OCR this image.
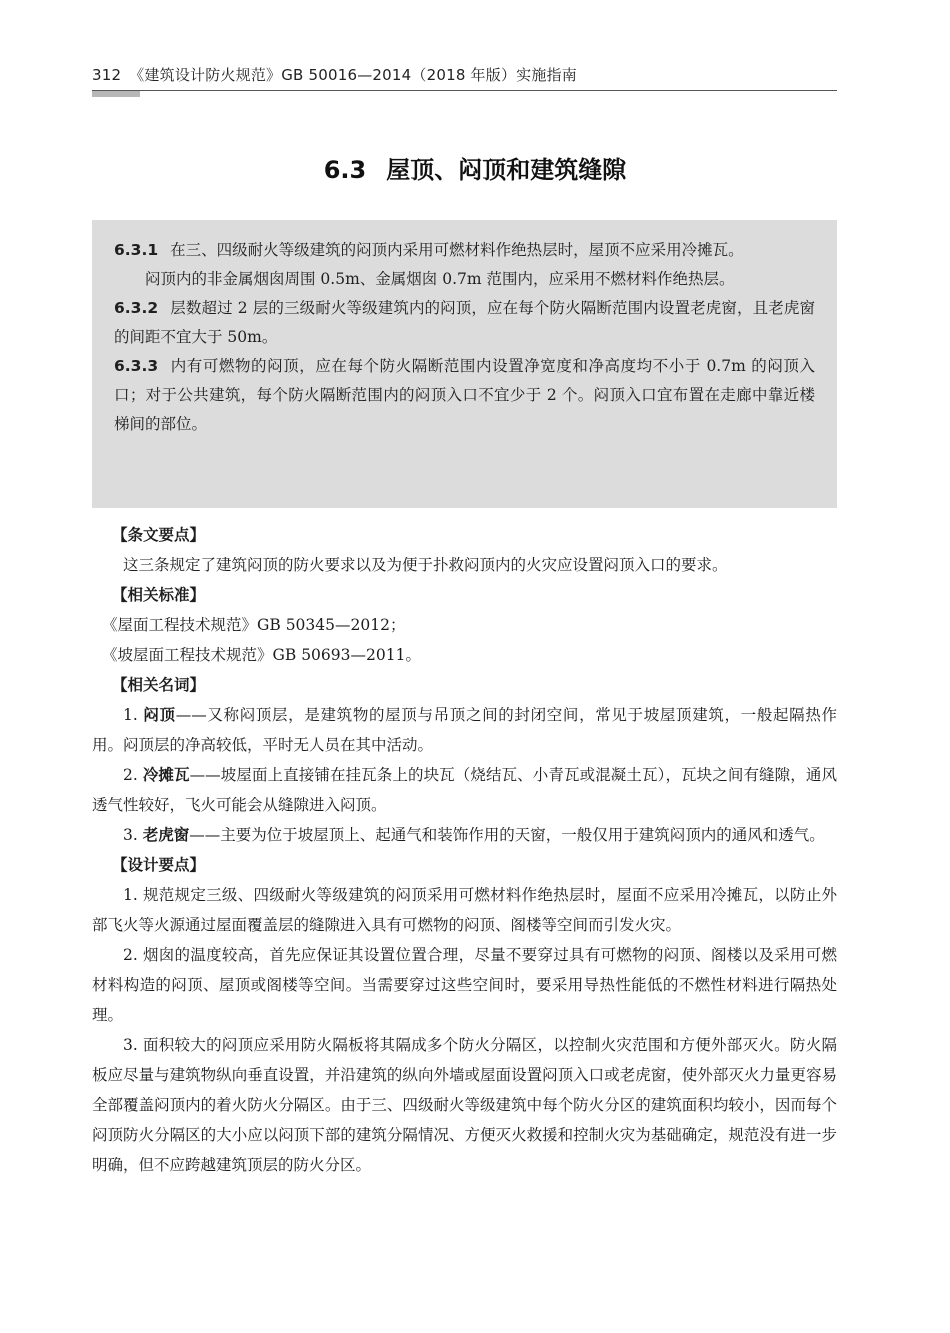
312 《建筑设计防火规范》GB 50016—2014（2018 年版）实施指南
6.3 屋顶、闷顶和建筑缝隙

6.3.1 在三、四级耐火等级建筑的闷顶内采用可燃材料作绝热层时，屋顶不应采用冷摊瓦。

闷顶内的非金属烟囱周围 0.5m、金属烟囱 0.7m 范围内，应采用不燃材料作绝热层。

6.3.2 层数超过 2 层的三级耐火等级建筑内的闷顶，应在每个防火隔断范围内设置老虎窗，且老虎窗的间距不宜大于 50m。

6.3.3 内有可燃物的闷顶，应在每个防火隔断范围内设置净宽度和净高度均不小于 0.7m 的闷顶入口；对于公共建筑，每个防火隔断范围内的闷顶入口不宜少于 2 个。闷顶入口宜布置在走廊中靠近楼梯间的部位。

【条文要点】

这三条规定了建筑闷顶的防火要求以及为便于扑救闷顶内的火灾应设置闷顶入口的要求。

【相关标准】

《屋面工程技术规范》GB 50345—2012；

《坡屋面工程技术规范》GB 50693—2011。

【相关名词】

1. 闷顶——又称闷顶层，是建筑物的屋顶与吊顶之间的封闭空间，常见于坡屋顶建筑，一般起隔热作用。闷顶层的净高较低，平时无人员在其中活动。

2. 冷摊瓦——坡屋面上直接铺在挂瓦条上的块瓦（烧结瓦、小青瓦或混凝土瓦），瓦块之间有缝隙，通风透气性较好，飞火可能会从缝隙进入闷顶。

3. 老虎窗——主要为位于坡屋顶上、起通气和装饰作用的天窗，一般仅用于建筑闷顶内的通风和透气。

【设计要点】

1. 规范规定三级、四级耐火等级建筑的闷顶采用可燃材料作绝热层时，屋面不应采用冷摊瓦，以防止外部飞火等火源通过屋面覆盖层的缝隙进入具有可燃物的闷顶、阁楼等空间而引发火灾。

2. 烟囱的温度较高，首先应保证其设置位置合理，尽量不要穿过具有可燃物的闷顶、阁楼以及采用可燃材料构造的闷顶、屋顶或阁楼等空间。当需要穿过这些空间时，要采用导热性能低的不燃性材料进行隔热处理。

3. 面积较大的闷顶应采用防火隔板将其隔成多个防火分隔区，以控制火灾范围和方便外部灭火。防火隔板应尽量与建筑物纵向垂直设置，并沿建筑的纵向外墙或屋面设置闷顶入口或老虎窗，使外部灭火力量更容易全部覆盖闷顶内的着火防火分隔区。由于三、四级耐火等级建筑中每个防火分区的建筑面积均较小，因而每个闷顶防火分隔区的大小应以闷顶下部的建筑分隔情况、方便灭火救援和控制火灾为基础确定，规范没有进一步明确，但不应跨越建筑顶层的防火分区。
